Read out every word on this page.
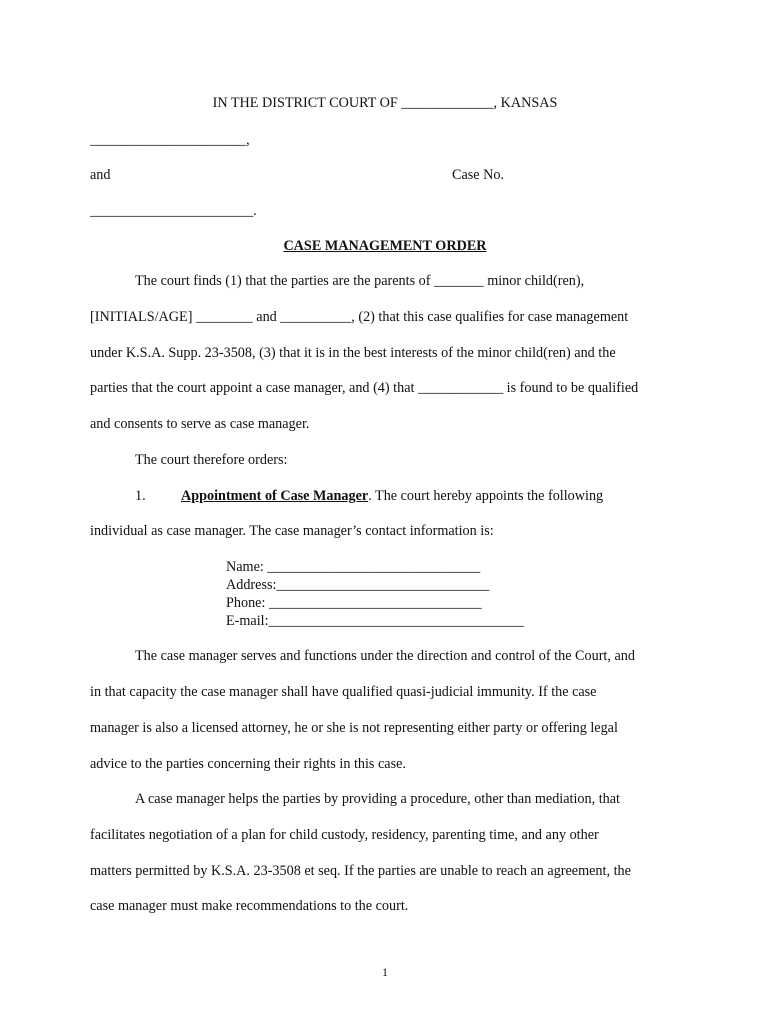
IN THE DISTRICT COURT OF _____________, KANSAS
______________________,
and	Case No.
_______________________.
CASE MANAGEMENT ORDER
The court finds (1) that the parties are the parents of _______ minor child(ren),
[INITIALS/AGE] ________ and __________, (2) that this case qualifies for case management
under K.S.A. Supp. 23-3508, (3) that it is in the best interests of the minor child(ren) and the
parties that the court appoint a case manager, and (4) that ____________ is found to be qualified
and consents to serve as case manager.
The court therefore orders:
1. Appointment of Case Manager. The court hereby appoints the following
individual as case manager. The case manager’s contact information is:
Name: ______________________________
Address:______________________________
Phone: ______________________________
E-mail:____________________________________
The case manager serves and functions under the direction and control of the Court, and
in that capacity the case manager shall have qualified quasi-judicial immunity. If the case
manager is also a licensed attorney, he or she is not representing either party or offering legal
advice to the parties concerning their rights in this case.
A case manager helps the parties by providing a procedure, other than mediation, that
facilitates negotiation of a plan for child custody, residency, parenting time, and any other
matters permitted by K.S.A. 23-3508 et seq. If the parties are unable to reach an agreement, the
case manager must make recommendations to the court.
1
